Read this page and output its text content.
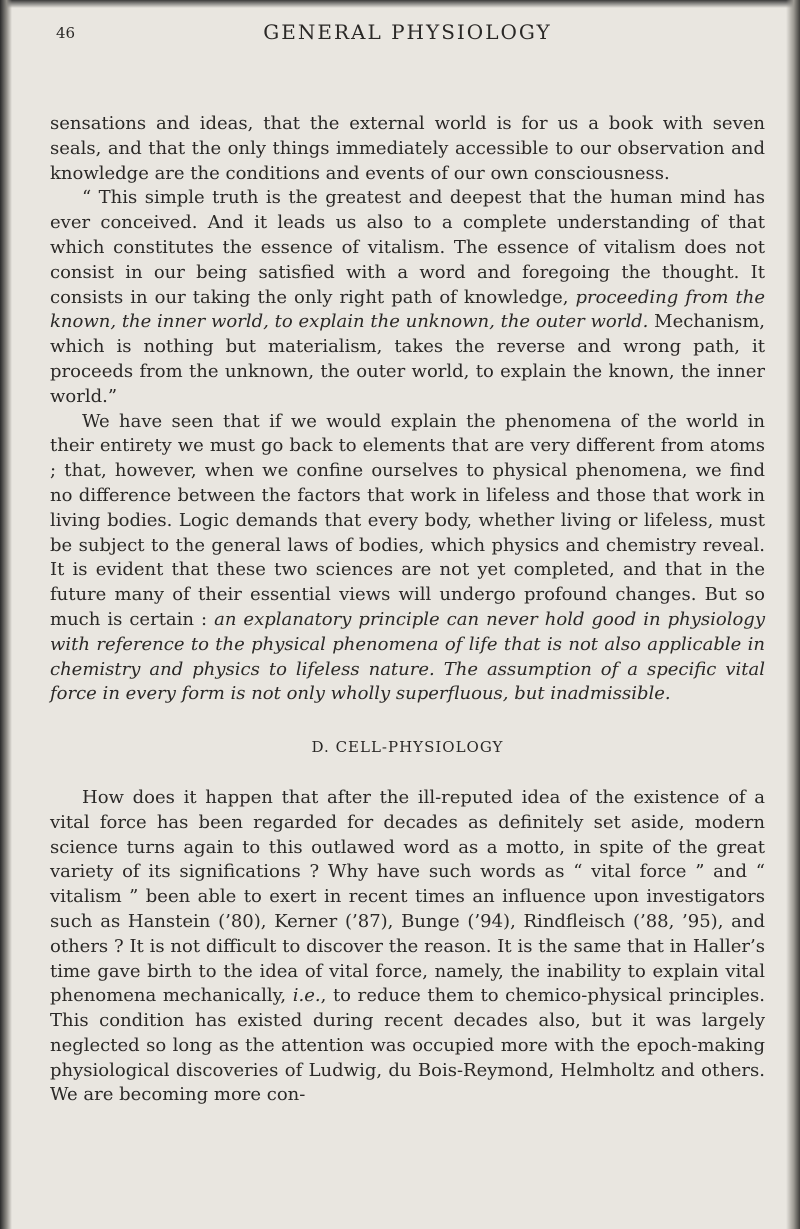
46	GENERAL PHYSIOLOGY

sensations and ideas, that the external world is for us a book with seven seals, and that the only things immediately accessible to our observation and knowledge are the conditions and events of our own consciousness.

“ This simple truth is the greatest and deepest that the human mind has ever conceived. And it leads us also to a complete understanding of that which constitutes the essence of vitalism. The essence of vitalism does not consist in our being satisfied with a word and foregoing the thought. It consists in our taking the only right path of knowledge, proceeding from the known, the inner world, to explain the unknown, the outer world. Mechanism, which is nothing but materialism, takes the reverse and wrong path, it proceeds from the unknown, the outer world, to explain the known, the inner world.”

We have seen that if we would explain the phenomena of the world in their entirety we must go back to elements that are very different from atoms ; that, however, when we confine ourselves to physical phenomena, we find no difference between the factors that work in lifeless and those that work in living bodies. Logic demands that every body, whether living or lifeless, must be subject to the general laws of bodies, which physics and chemistry reveal. It is evident that these two sciences are not yet completed, and that in the future many of their essential views will undergo profound changes. But so much is certain : an explanatory principle can never hold good in physiology with reference to the physical phenomena of life that is not also applicable in chemistry and physics to lifeless nature. The assumption of a specific vital force in every form is not only wholly superfluous, but inadmissible.

D. CELL-PHYSIOLOGY

How does it happen that after the ill-reputed idea of the existence of a vital force has been regarded for decades as definitely set aside, modern science turns again to this outlawed word as a motto, in spite of the great variety of its significations ? Why have such words as “ vital force ” and “ vitalism ” been able to exert in recent times an influence upon investigators such as Hanstein (’80), Kerner (’87), Bunge (’94), Rindfleisch (’88, ’95), and others ? It is not difficult to discover the reason. It is the same that in Haller’s time gave birth to the idea of vital force, namely, the inability to explain vital phenomena mechanically, i.e., to reduce them to chemico-physical principles. This condition has existed during recent decades also, but it was largely neglected so long as the attention was occupied more with the epoch-making physiological discoveries of Ludwig, du Bois-Reymond, Helmholtz and others. We are becoming more con-
